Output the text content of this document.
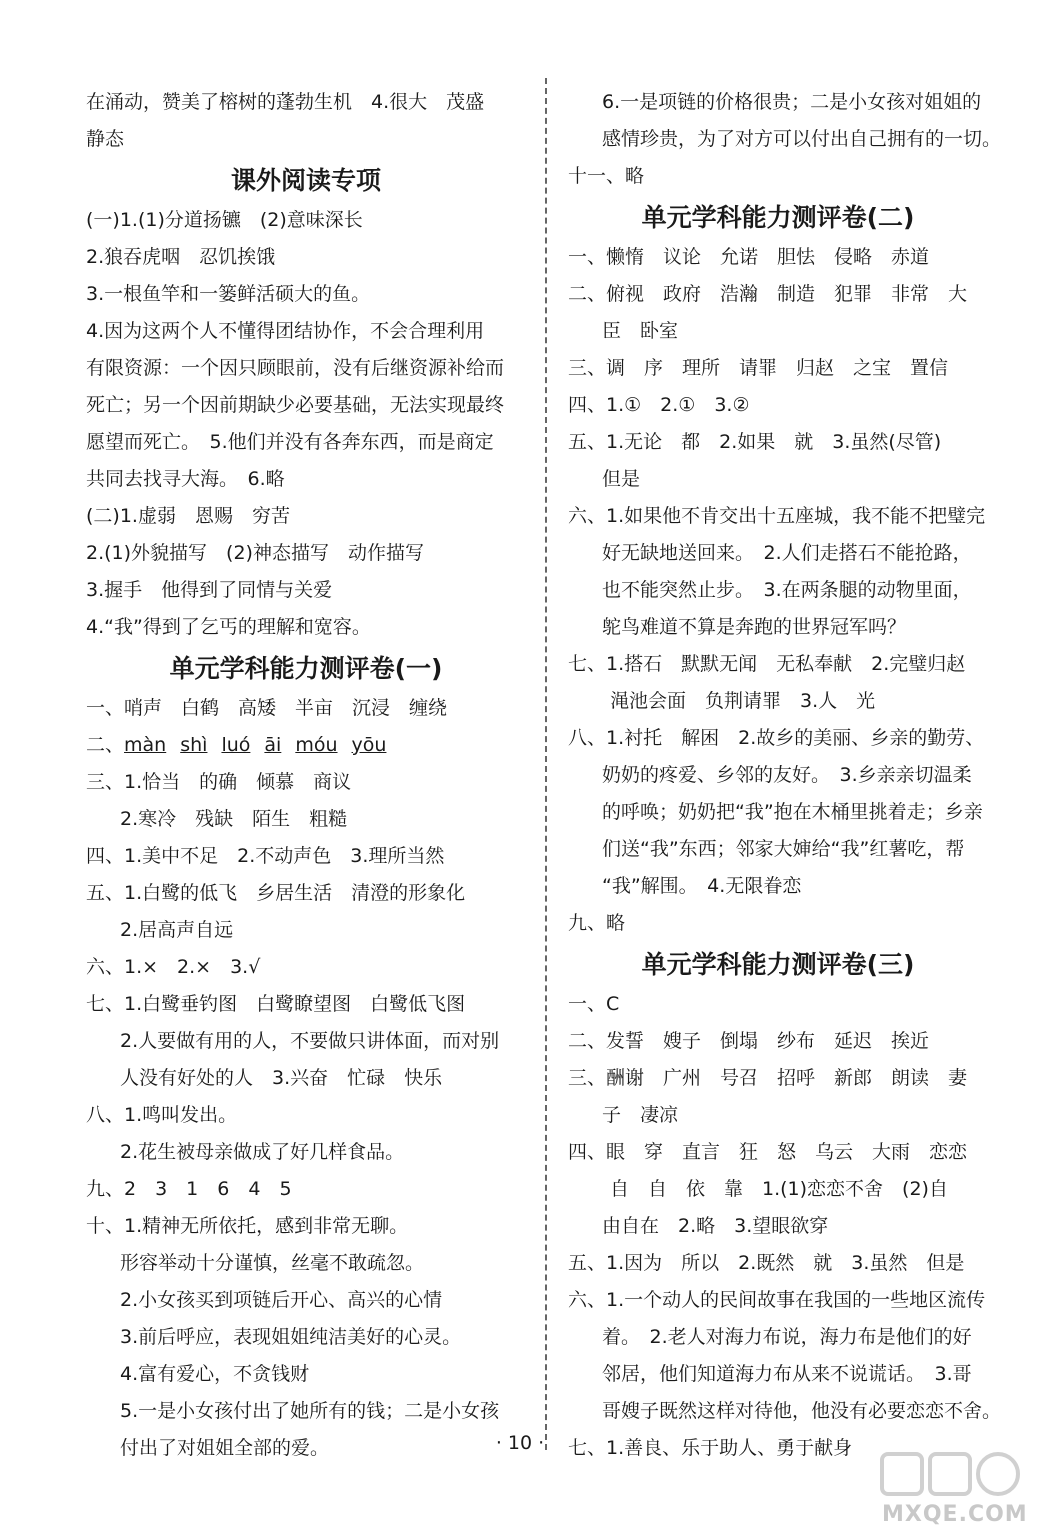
在涌动，赞美了榕树的蓬勃生机　4.很大　茂盛
静态
课外阅读专项
(一)1.(1)分道扬镳　(2)意味深长
2.狼吞虎咽　忍饥挨饿
3.一根鱼竿和一篓鲜活硕大的鱼。
4.因为这两个人不懂得团结协作，不会合理利用
有限资源：一个因只顾眼前，没有后继资源补给而
死亡；另一个因前期缺少必要基础，无法实现最终
愿望而死亡。　5.他们并没有各奔东西，而是商定
共同去找寻大海。　6.略
(二)1.虚弱　恩赐　穷苦
2.(1)外貌描写　(2)神态描写　动作描写
3.握手　他得到了同情与关爱
4.“我”得到了乞丐的理解和宽容。
单元学科能力测评卷(一)
一、哨声　白鹤　高矮　半亩　沉浸　缠绕
二、màn shì luó āi móu yōu
三、1.恰当　的确　倾慕　商议
2.寒冷　残缺　陌生　粗糙
四、1.美中不足　2.不动声色　3.理所当然
五、1.白鹭的低飞　乡居生活　清澄的形象化
2.居高声自远
六、1.×　2.×　3.√
七、1.白鹭垂钓图　白鹭瞭望图　白鹭低飞图
2.人要做有用的人，不要做只讲体面，而对别
人没有好处的人　3.兴奋　忙碌　快乐
八、1.鸣叫发出。
2.花生被母亲做成了好几样食品。
九、2　3　1　6　4　5
十、1.精神无所依托，感到非常无聊。
形容举动十分谨慎，丝毫不敢疏忽。
2.小女孩买到项链后开心、高兴的心情
3.前后呼应，表现姐姐纯洁美好的心灵。
4.富有爱心，不贪钱财
5.一是小女孩付出了她所有的钱；二是小女孩
付出了对姐姐全部的爱。
6.一是项链的价格很贵；二是小女孩对姐姐的
感情珍贵，为了对方可以付出自己拥有的一切。
十一、略
单元学科能力测评卷(二)
一、懒惰　议论　允诺　胆怯　侵略　赤道
二、俯视　政府　浩瀚　制造　犯罪　非常　大
臣　卧室
三、调　序　理所　请罪　归赵　之宝　置信
四、1.①　2.①　3.②
五、1.无论　都　2.如果　就　3.虽然(尽管)
但是
六、1.如果他不肯交出十五座城，我不能不把璧完
好无缺地送回来。　2.人们走搭石不能抢路，
也不能突然止步。　3.在两条腿的动物里面，
鸵鸟难道不算是奔跑的世界冠军吗？
七、1.搭石　默默无闻　无私奉献　2.完璧归赵
渑池会面　负荆请罪　3.人　光
八、1.衬托　解困　2.故乡的美丽、乡亲的勤劳、
奶奶的疼爱、乡邻的友好。　3.乡亲亲切温柔
的呼唤；奶奶把“我”抱在木桶里挑着走；乡亲
们送“我”东西；邻家大婶给“我”红薯吃，帮
“我”解围。　4.无限眷恋
九、略
单元学科能力测评卷(三)
一、C
二、发誓　嫂子　倒塌　纱布　延迟　挨近
三、酬谢　广州　号召　招呼　新郎　朗读　妻
子　凄凉
四、眼　穿　直言　狂　怒　乌云　大雨　恋恋
自　自　依　靠　1.(1)恋恋不舍　(2)自
由自在　2.略　3.望眼欲穿
五、1.因为　所以　2.既然　就　3.虽然　但是
六、1.一个动人的民间故事在我国的一些地区流传
着。　2.老人对海力布说，海力布是他们的好
邻居，他们知道海力布从来不说谎话。　3.哥
哥嫂子既然这样对待他，他没有必要恋恋不舍。
七、1.善良、乐于助人、勇于献身
· 10 ·
MXQE.COM
